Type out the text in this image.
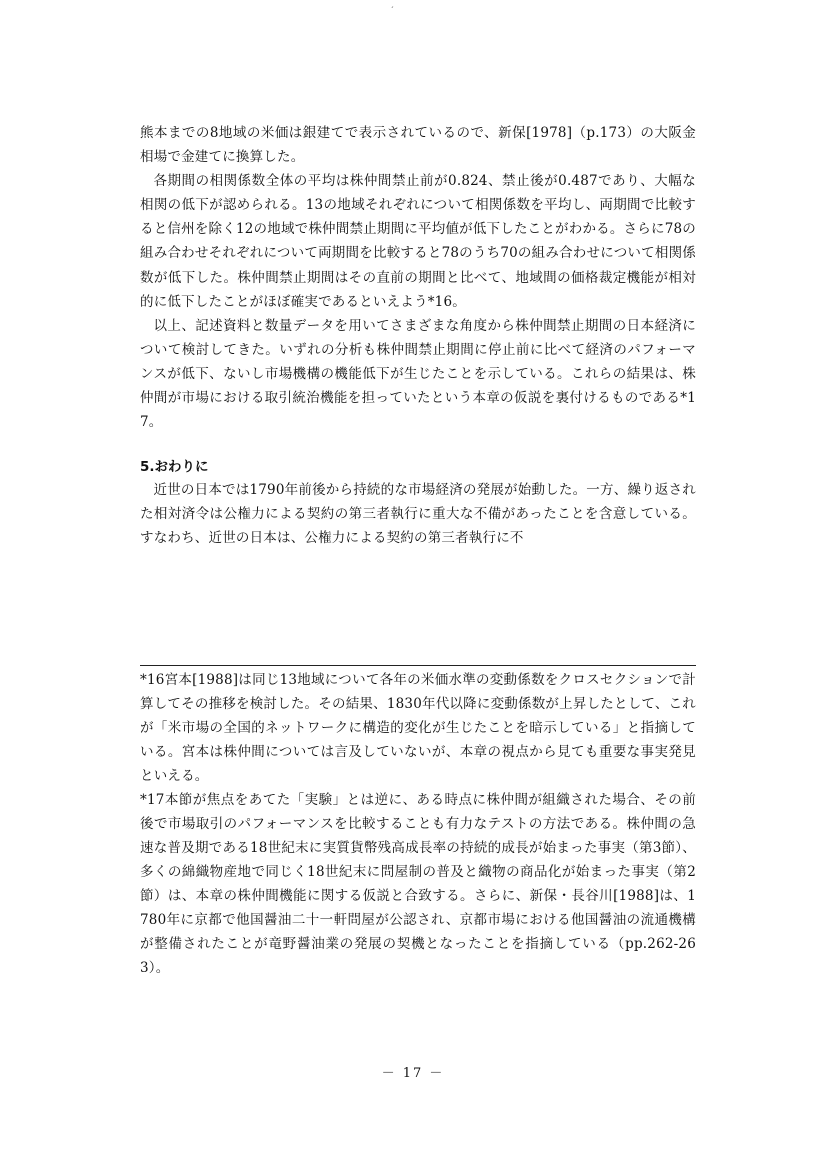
ˊ

熊本までの8地域の米価は銀建てで表示されているので、新保[1978]（p.173）の大阪金相場で金建てに換算した。

各期間の相関係数全体の平均は株仲間禁止前が0.824、禁止後が0.487であり、大幅な相関の低下が認められる。13の地域それぞれについて相関係数を平均し、両期間で比較すると信州を除く12の地域で株仲間禁止期間に平均値が低下したことがわかる。さらに78の組み合わせそれぞれについて両期間を比較すると78のうち70の組み合わせについて相関係数が低下した。株仲間禁止期間はその直前の期間と比べて、地域間の価格裁定機能が相対的に低下したことがほぼ確実であるといえよう*16。

以上、記述資料と数量データを用いてさまざまな角度から株仲間禁止期間の日本経済について検討してきた。いずれの分析も株仲間禁止期間に停止前に比べて経済のパフォーマンスが低下、ないし市場機構の機能低下が生じたことを示している。これらの結果は、株仲間が市場における取引統治機能を担っていたという本章の仮説を裏付けるものである*17。

5.おわりに

近世の日本では1790年前後から持続的な市場経済の発展が始動した。一方、繰り返された相対済令は公権力による契約の第三者執行に重大な不備があったことを含意している。すなわち、近世の日本は、公権力による契約の第三者執行に不

*16宮本[1988]は同じ13地域について各年の米価水準の変動係数をクロスセクションで計算してその推移を検討した。その結果、1830年代以降に変動係数が上昇したとして、これが「米市場の全国的ネットワークに構造的変化が生じたことを暗示している」と指摘している。宮本は株仲間については言及していないが、本章の視点から見ても重要な事実発見といえる。

*17本節が焦点をあてた「実験」とは逆に、ある時点に株仲間が組織された場合、その前後で市場取引のパフォーマンスを比較することも有力なテストの方法である。株仲間の急速な普及期である18世紀末に実質貨幣残高成長率の持続的成長が始まった事実（第3節）、多くの綿織物産地で同じく18世紀末に問屋制の普及と織物の商品化が始まった事実（第2節）は、本章の株仲間機能に関する仮説と合致する。さらに、新保・長谷川[1988]は、1780年に京都で他国醤油二十一軒問屋が公認され、京都市場における他国醤油の流通機構が整備されたことが竜野醤油業の発展の契機となったことを指摘している（pp.262-263）。

－ 17 －
